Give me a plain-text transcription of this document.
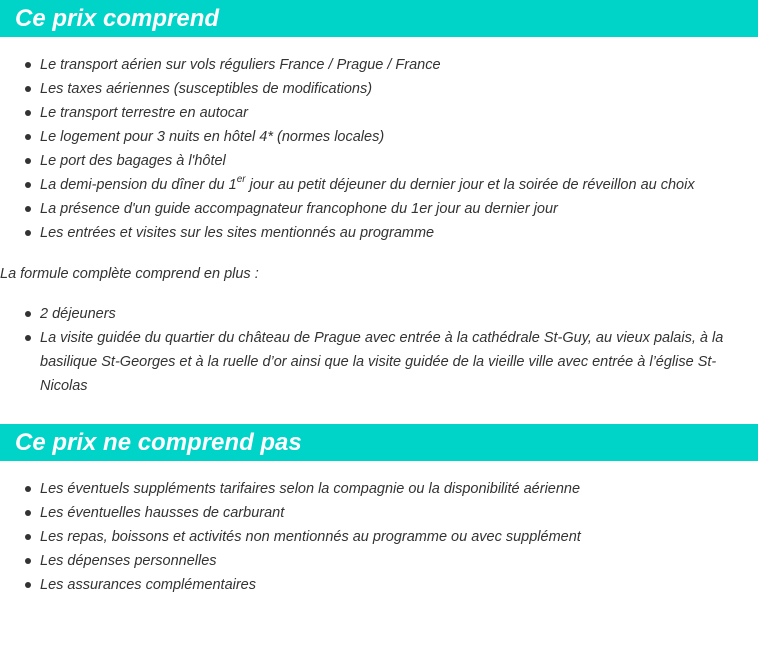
Ce prix comprend
Le transport aérien sur vols réguliers France / Prague / France
Les taxes aériennes (susceptibles de modifications)
Le transport terrestre en autocar
Le logement pour 3 nuits en hôtel 4* (normes locales)
Le port des bagages à l'hôtel
La demi-pension du dîner du 1er jour au petit déjeuner du dernier jour et la soirée de réveillon au choix
La présence d'un guide accompagnateur francophone du 1er jour au dernier jour
Les entrées et visites sur les sites mentionnés au programme

La formule complète comprend en plus :

2 déjeuners
La visite guidée du quartier du château de Prague avec entrée à la cathédrale St-Guy, au vieux palais, à la basilique St-Georges et à la ruelle d’or ainsi que la visite guidée de la vieille ville avec entrée à l’église St-Nicolas
Ce prix ne comprend pas
Les éventuels suppléments tarifaires selon la compagnie ou la disponibilité aérienne
Les éventuelles hausses de carburant
Les repas, boissons et activités non mentionnés au programme ou avec supplément
Les dépenses personnelles
Les assurances complémentaires
